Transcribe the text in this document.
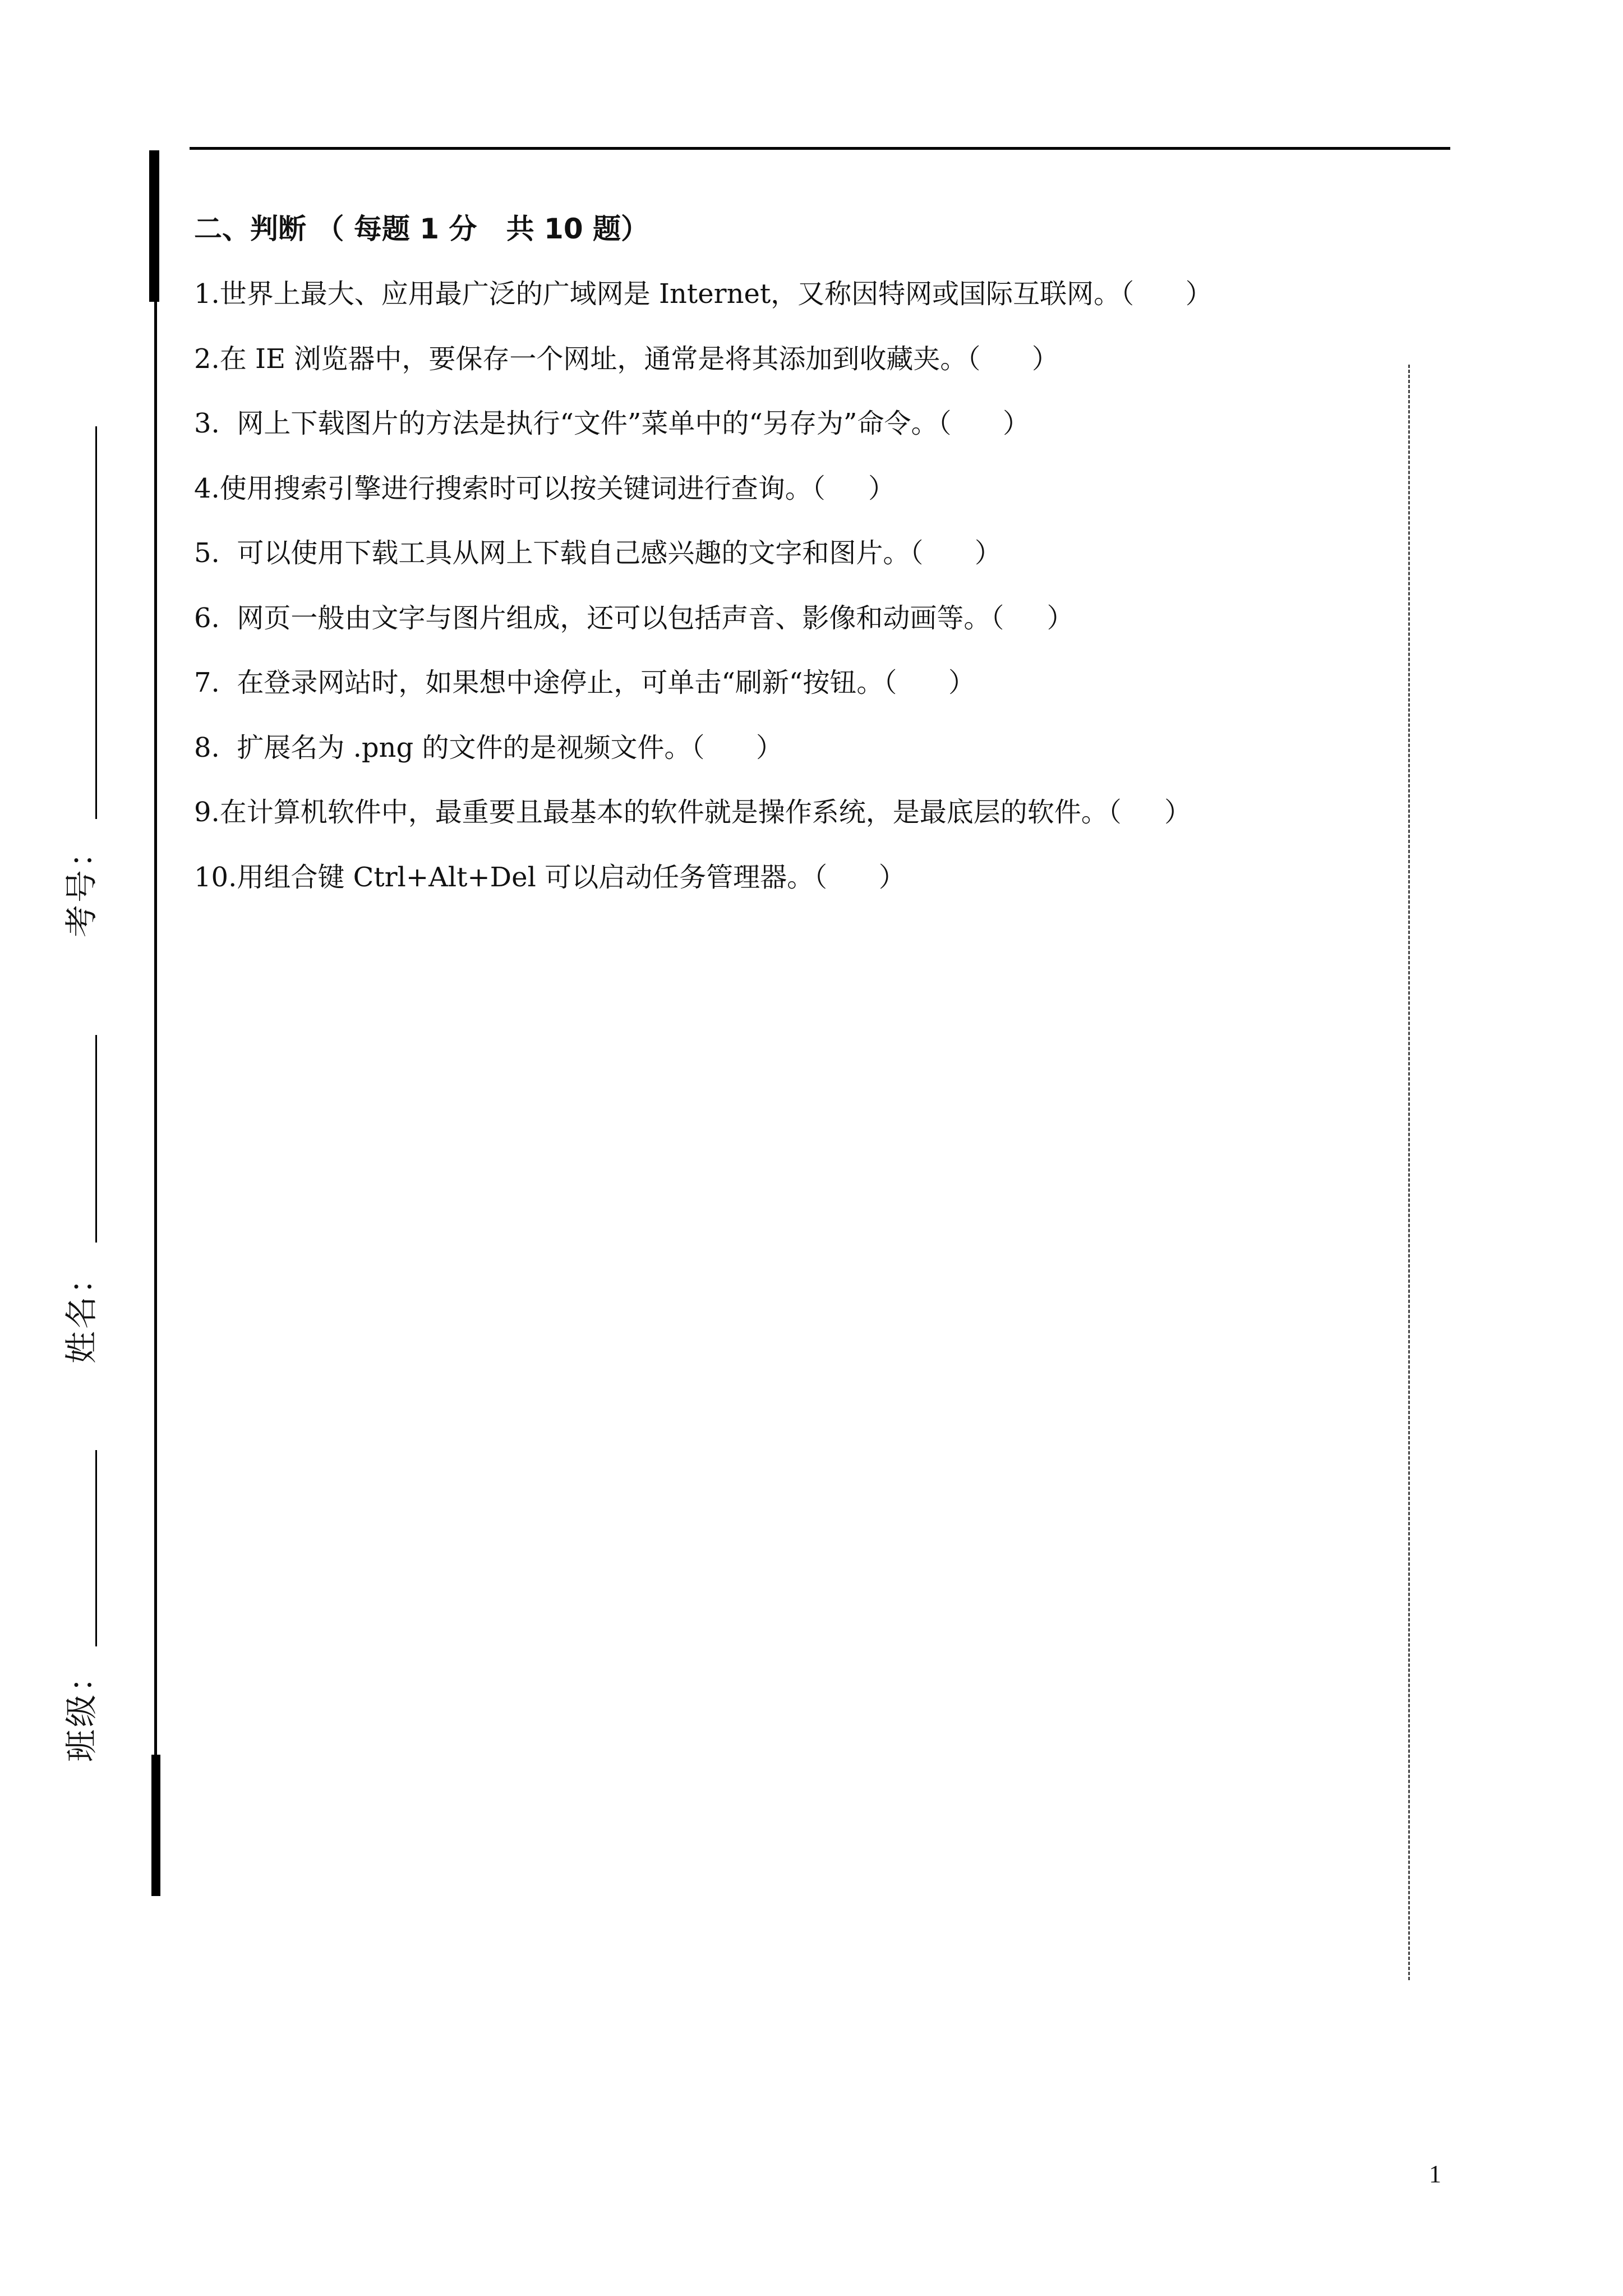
考号：
姓名：
班级：
二、判断 （ 每题 1 分   共 10 题）
1.世界上最大、应用最广泛的广域网是 Internet，又称因特网或国际互联网。（      ）
2.在 IE 浏览器中，要保存一个网址，通常是将其添加到收藏夹。（      ）
3.  网上下载图片的方法是执行“文件”菜单中的“另存为”命令。（      ）
4.使用搜索引擎进行搜索时可以按关键词进行查询。（     ）
5.  可以使用下载工具从网上下载自己感兴趣的文字和图片。（      ）
6.  网页一般由文字与图片组成，还可以包括声音、影像和动画等。（     ）
7.  在登录网站时，如果想中途停止，可单击“刷新“按钮。（      ）
8.  扩展名为 .png 的文件的是视频文件。（      ）
9.在计算机软件中，最重要且最基本的软件就是操作系统，是最底层的软件。（     ）
10.用组合键 Ctrl+Alt+Del 可以启动任务管理器。（      ）
1
